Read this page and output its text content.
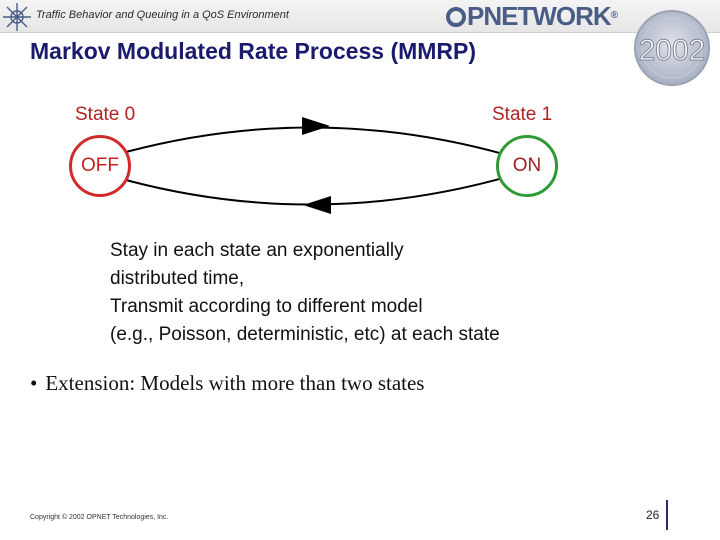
Traffic Behavior and Queuing in a QoS Environment	PNETWORK®
2002
Markov Modulated Rate Process (MMRP)
State 0	State 1
OFF	ON
Stay in each state an exponentially
distributed time,
Transmit according to different model
(e.g., Poisson, deterministic, etc) at each state
• Extension: Models with more than two states
Copyright © 2002 OPNET Technologies, Inc.	26
